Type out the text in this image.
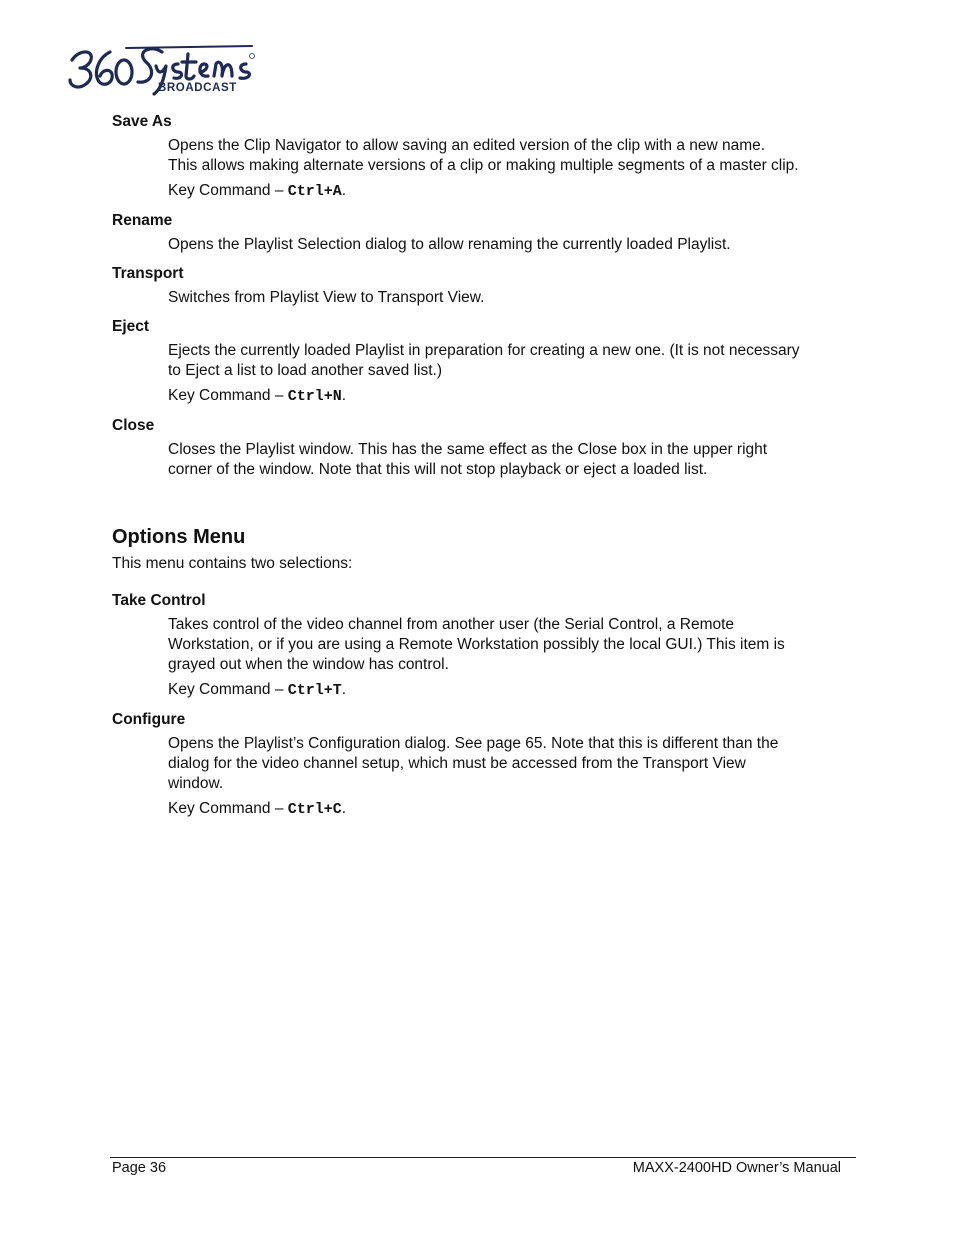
BROADCAST

Save As

Opens the Clip Navigator to allow saving an edited version of the clip with a new name.

This allows making alternate versions of a clip or making multiple segments of a master clip.

Key Command – Ctrl+A.

Rename

Opens the Playlist Selection dialog to allow renaming the currently loaded Playlist.

Transport

Switches from Playlist View to Transport View.

Eject

Ejects the currently loaded Playlist in preparation for creating a new one. (It is not necessary

to Eject a list to load another saved list.)

Key Command – Ctrl+N.

Close

Closes the Playlist window. This has the same effect as the Close box in the upper right

corner of the window. Note that this will not stop playback or eject a loaded list.

Options Menu

This menu contains two selections:

Take Control

Takes control of the video channel from another user (the Serial Control, a Remote

Workstation, or if you are using a Remote Workstation possibly the local GUI.) This item is

grayed out when the window has control.

Key Command – Ctrl+T.

Configure

Opens the Playlist’s Configuration dialog. See page 65. Note that this is different than the

dialog for the video channel setup, which must be accessed from the Transport View

window.

Key Command – Ctrl+C.

Page 36	MAXX-2400HD Owner’s Manual
